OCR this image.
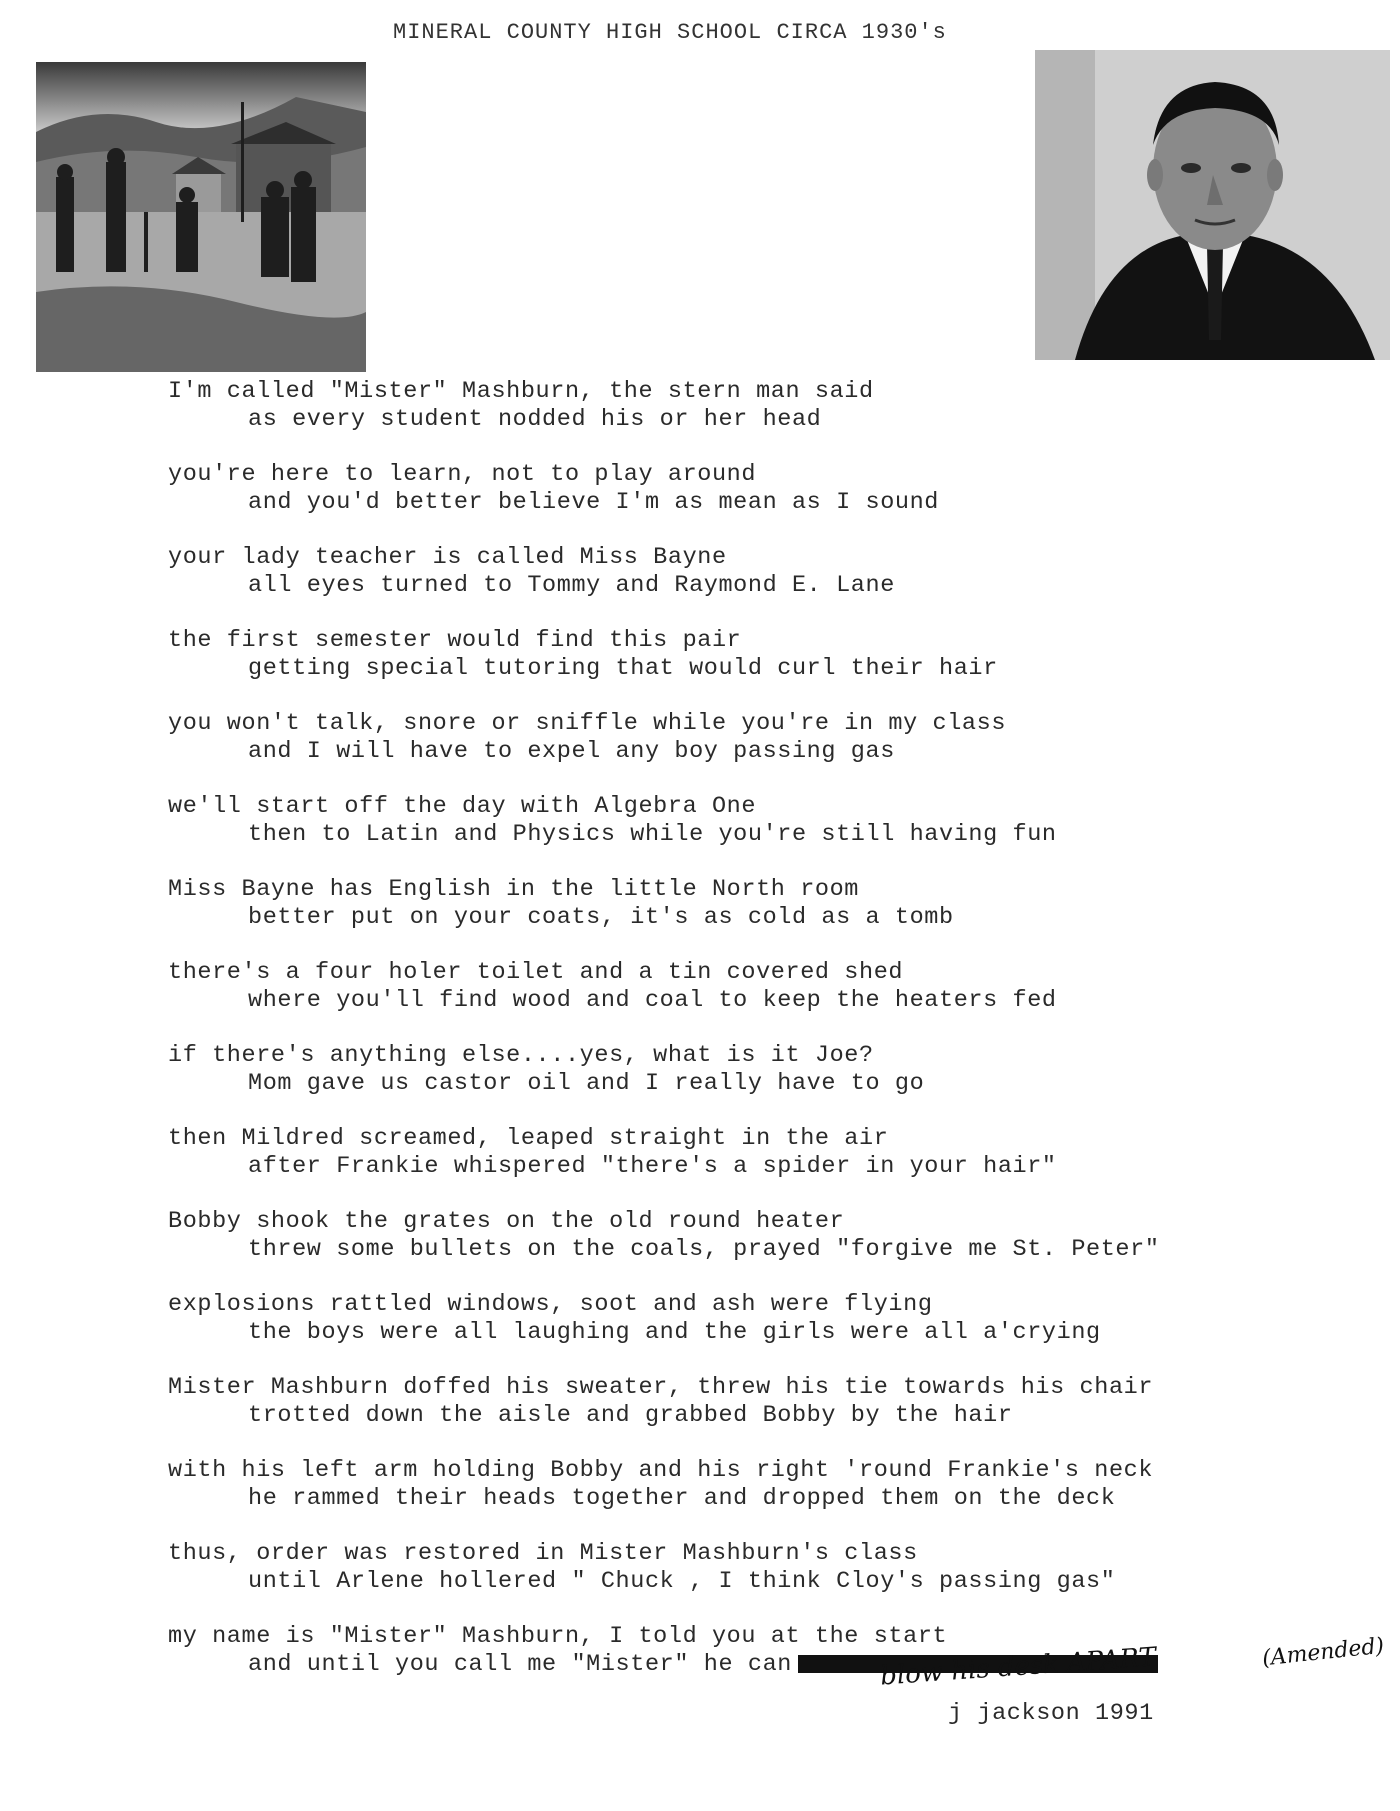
MINERAL COUNTY HIGH SCHOOL CIRCA 1930's
I'm called "Mister" Mashburn, the stern man said
as every student nodded his or her head
you're here to learn, not to play around
and you'd better believe I'm as mean as I sound
your lady teacher is called Miss Bayne
all eyes turned to Tommy and Raymond E. Lane
the first semester would find this pair
getting special tutoring that would curl their hair
you won't talk, snore or sniffle while you're in my class
and I will have to expel any boy passing gas
we'll start off the day with Algebra One
then to Latin and Physics while you're still having fun
Miss Bayne has English in the little North room
better put on your coats, it's as cold as a tomb
there's a four holer toilet and a tin covered shed
where you'll find wood and coal to keep the heaters fed
if there's anything else....yes, what is it Joe?
Mom gave us castor oil and I really have to go
then Mildred screamed, leaped straight in the air
after Frankie whispered "there's a spider in your hair"
Bobby shook the grates on the old round heater
threw some bullets on the coals, prayed "forgive me St. Peter"
explosions rattled windows, soot and ash were flying
the boys were all laughing and the girls were all a'crying
Mister Mashburn doffed his sweater, threw his tie towards his chair
trotted down the aisle and grabbed Bobby by the hair
with his left arm holding Bobby and his right 'round Frankie's neck
he rammed their heads together and dropped them on the deck
thus, order was restored in Mister Mashburn's class
until Arlene hollered " Chuck , I think Cloy's passing gas"
my name is "Mister" Mashburn, I told you at the start
and until you call me "Mister" he can	blow his desk APART	(Amended)
j jackson 1991
